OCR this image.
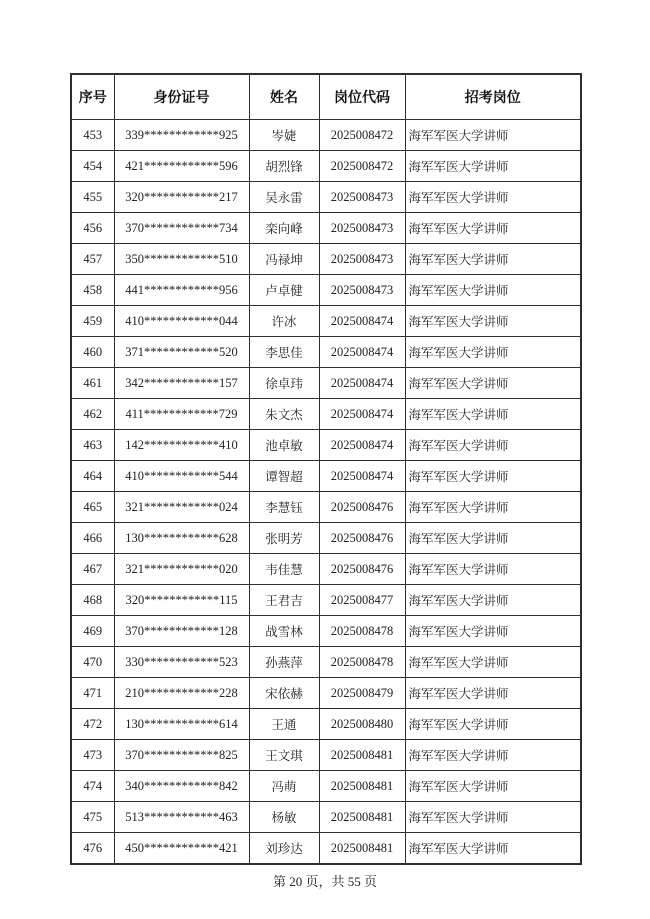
序号	身份证号	姓名	岗位代码	招考岗位
453	339************925	岑婕	2025008472	海军军医大学讲师
454	421************596	胡烈锋	2025008472	海军军医大学讲师
455	320************217	吴永雷	2025008473	海军军医大学讲师
456	370************734	栾向峰	2025008473	海军军医大学讲师
457	350************510	冯禄坤	2025008473	海军军医大学讲师
458	441************956	卢卓健	2025008473	海军军医大学讲师
459	410************044	许冰	2025008474	海军军医大学讲师
460	371************520	李思佳	2025008474	海军军医大学讲师
461	342************157	徐卓玮	2025008474	海军军医大学讲师
462	411************729	朱文杰	2025008474	海军军医大学讲师
463	142************410	池卓敏	2025008474	海军军医大学讲师
464	410************544	谭智超	2025008474	海军军医大学讲师
465	321************024	李慧钰	2025008476	海军军医大学讲师
466	130************628	张明芳	2025008476	海军军医大学讲师
467	321************020	韦佳慧	2025008476	海军军医大学讲师
468	320************115	王君吉	2025008477	海军军医大学讲师
469	370************128	战雪林	2025008478	海军军医大学讲师
470	330************523	孙燕萍	2025008478	海军军医大学讲师
471	210************228	宋依赫	2025008479	海军军医大学讲师
472	130************614	王通	2025008480	海军军医大学讲师
473	370************825	王文琪	2025008481	海军军医大学讲师
474	340************842	冯萌	2025008481	海军军医大学讲师
475	513************463	杨敏	2025008481	海军军医大学讲师
476	450************421	刘珍达	2025008481	海军军医大学讲师
第 20 页，共 55 页
